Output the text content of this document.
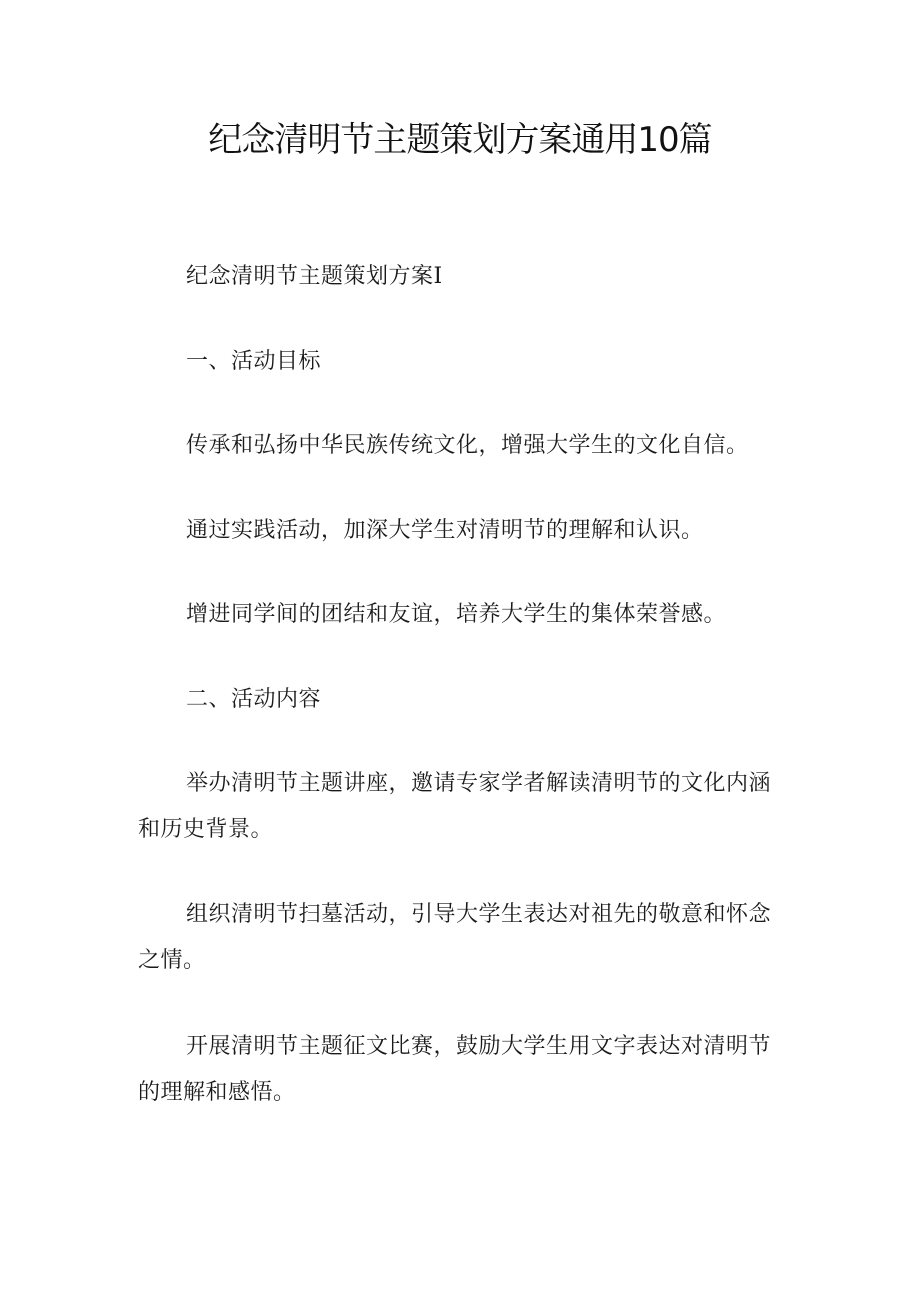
纪念清明节主题策划方案通用10篇

纪念清明节主题策划方案I

一、活动目标

传承和弘扬中华民族传统文化，增强大学生的文化自信。

通过实践活动，加深大学生对清明节的理解和认识。

增进同学间的团结和友谊，培养大学生的集体荣誉感。

二、活动内容

举办清明节主题讲座，邀请专家学者解读清明节的文化内涵和历史背景。

组织清明节扫墓活动，引导大学生表达对祖先的敬意和怀念之情。

开展清明节主题征文比赛，鼓励大学生用文字表达对清明节的理解和感悟。
